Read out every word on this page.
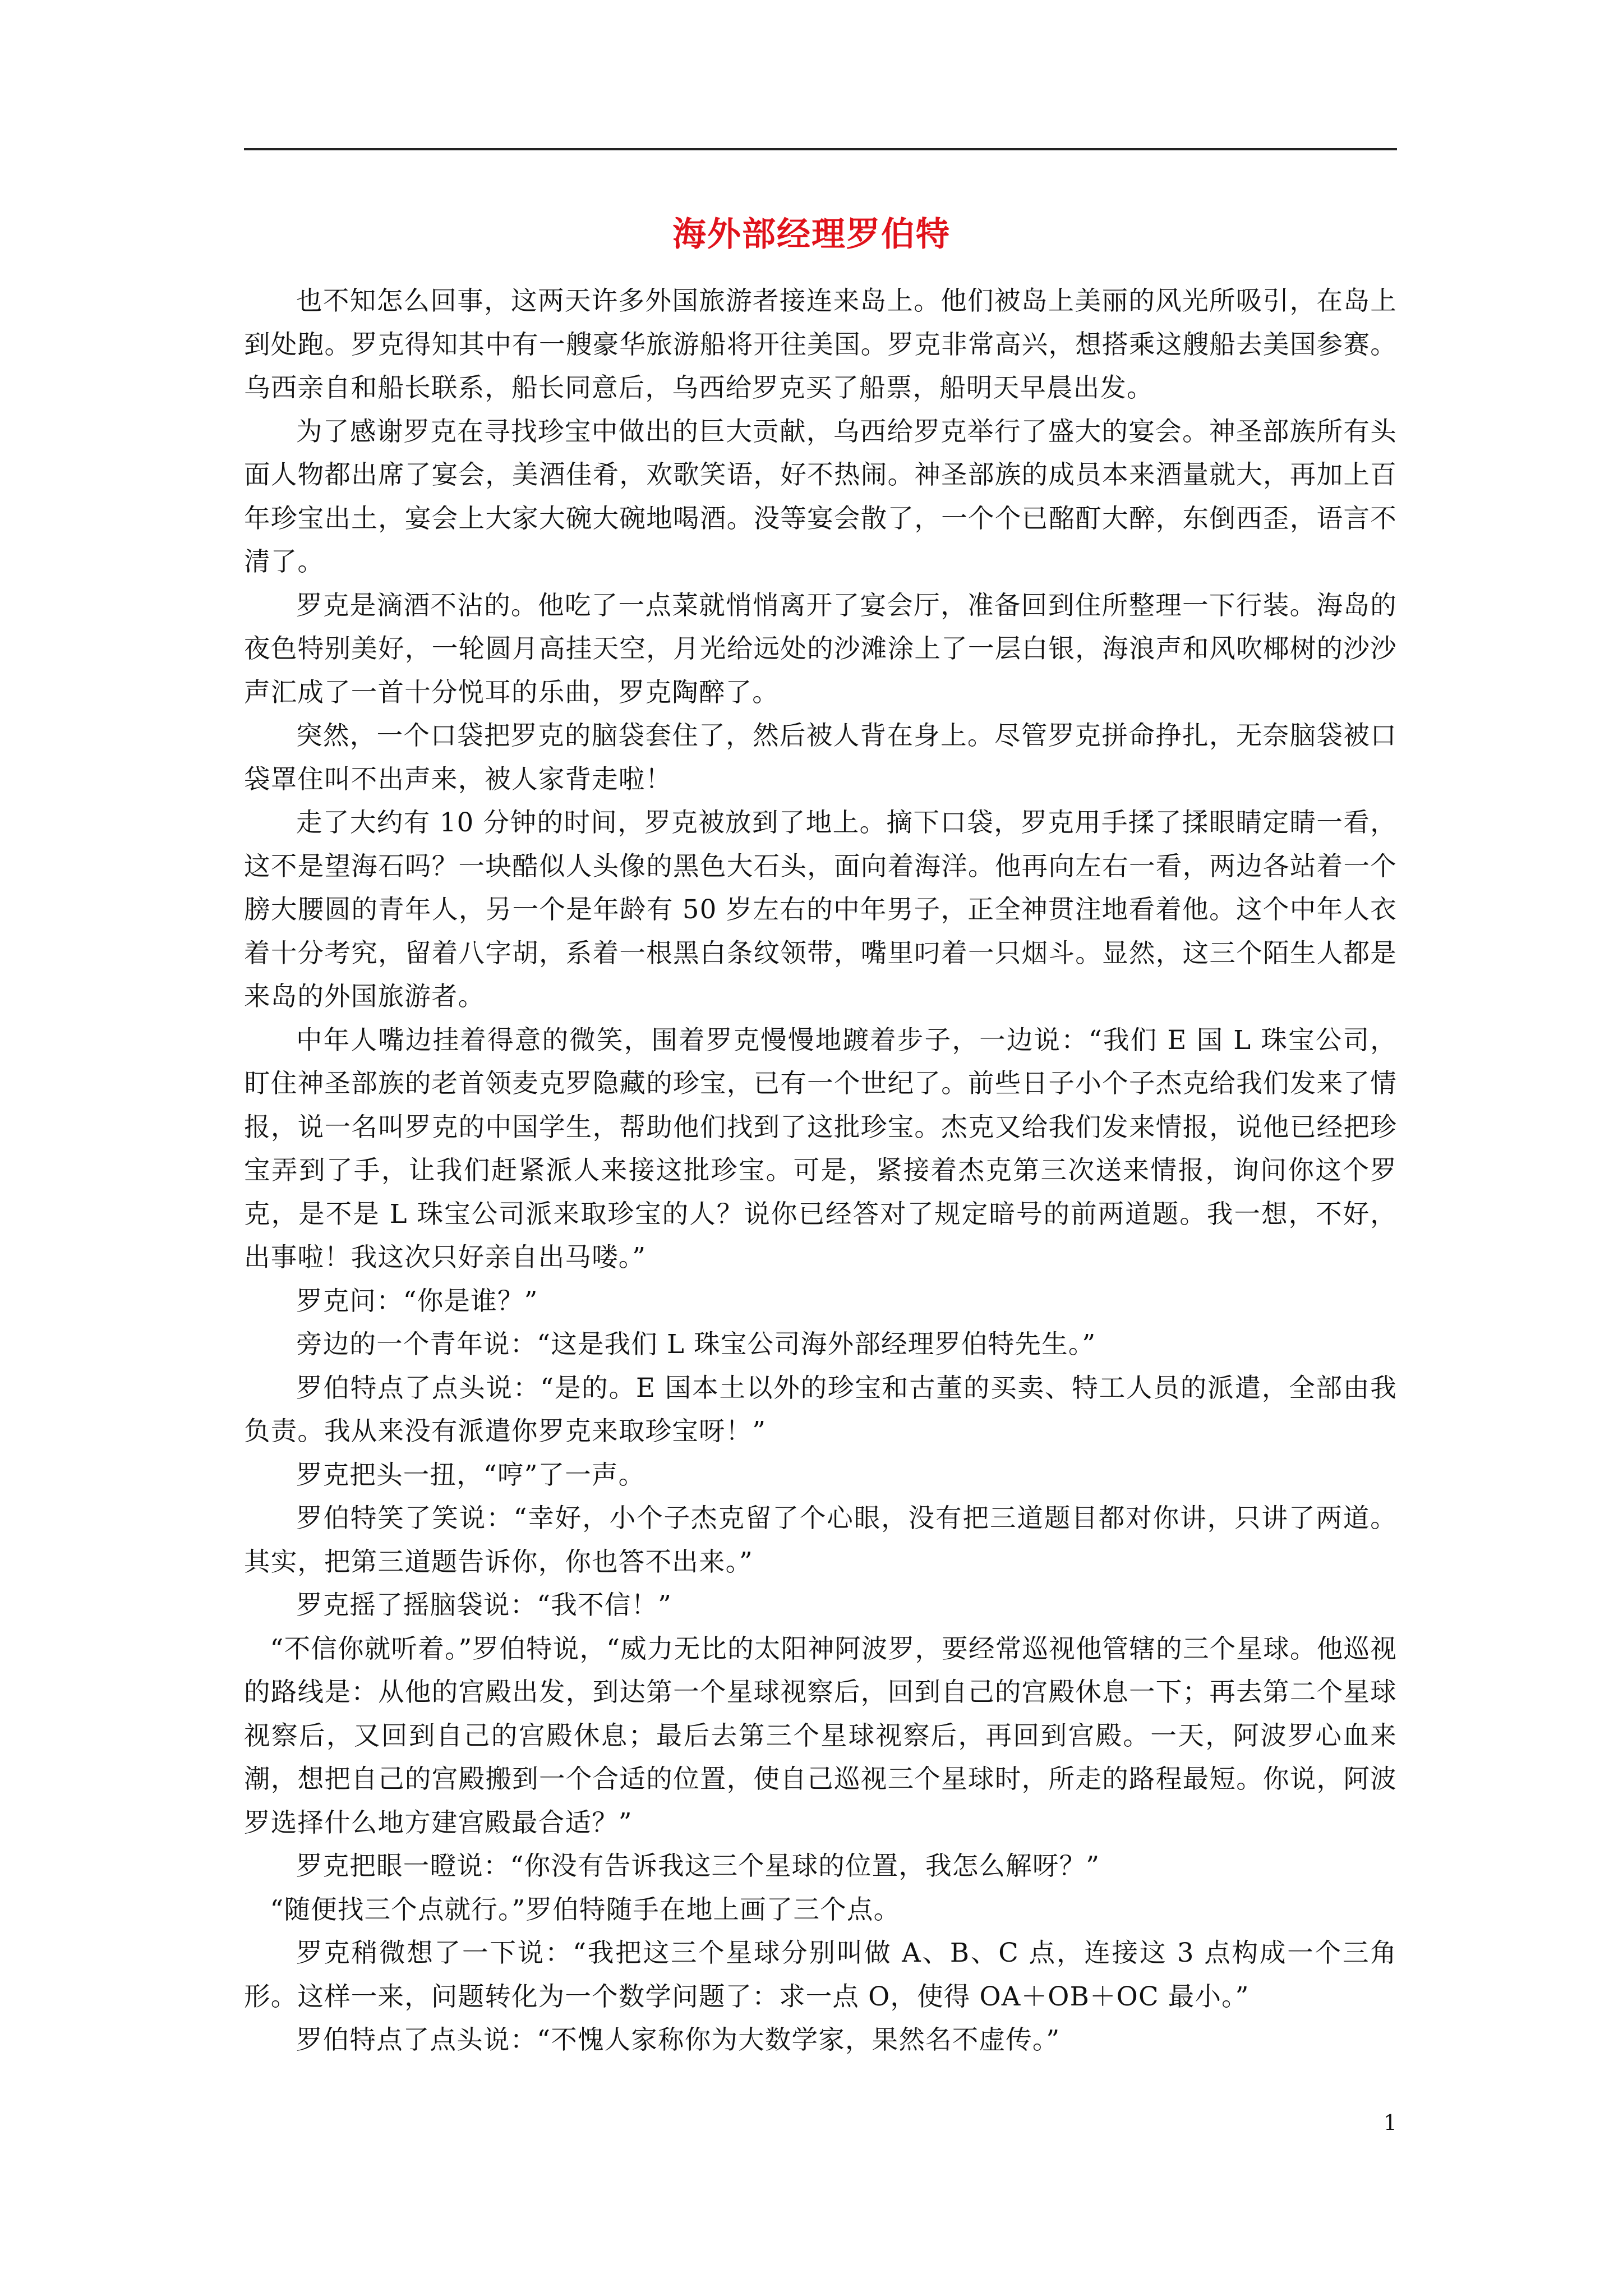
海外部经理罗伯特

也不知怎么回事，这两天许多外国旅游者接连来岛上。他们被岛上美丽的风光所吸引，在岛上到处跑。罗克得知其中有一艘豪华旅游船将开往美国。罗克非常高兴，想搭乘这艘船去美国参赛。乌西亲自和船长联系，船长同意后，乌西给罗克买了船票，船明天早晨出发。

为了感谢罗克在寻找珍宝中做出的巨大贡献，乌西给罗克举行了盛大的宴会。神圣部族所有头面人物都出席了宴会，美酒佳肴，欢歌笑语，好不热闹。神圣部族的成员本来酒量就大，再加上百年珍宝出土，宴会上大家大碗大碗地喝酒。没等宴会散了，一个个已酩酊大醉，东倒西歪，语言不清了。

罗克是滴酒不沾的。他吃了一点菜就悄悄离开了宴会厅，准备回到住所整理一下行装。海岛的夜色特别美好，一轮圆月高挂天空，月光给远处的沙滩涂上了一层白银，海浪声和风吹椰树的沙沙声汇成了一首十分悦耳的乐曲，罗克陶醉了。

突然，一个口袋把罗克的脑袋套住了，然后被人背在身上。尽管罗克拼命挣扎，无奈脑袋被口袋罩住叫不出声来，被人家背走啦！

走了大约有 10 分钟的时间，罗克被放到了地上。摘下口袋，罗克用手揉了揉眼睛定睛一看，这不是望海石吗？一块酷似人头像的黑色大石头，面向着海洋。他再向左右一看，两边各站着一个膀大腰圆的青年人，另一个是年龄有 50 岁左右的中年男子，正全神贯注地看着他。这个中年人衣着十分考究，留着八字胡，系着一根黑白条纹领带，嘴里叼着一只烟斗。显然，这三个陌生人都是来岛的外国旅游者。

中年人嘴边挂着得意的微笑，围着罗克慢慢地踱着步子，一边说：“我们 E 国 L 珠宝公司，盯住神圣部族的老首领麦克罗隐藏的珍宝，已有一个世纪了。前些日子小个子杰克给我们发来了情报，说一名叫罗克的中国学生，帮助他们找到了这批珍宝。杰克又给我们发来情报，说他已经把珍宝弄到了手，让我们赶紧派人来接这批珍宝。可是，紧接着杰克第三次送来情报，询问你这个罗克，是不是 L 珠宝公司派来取珍宝的人？说你已经答对了规定暗号的前两道题。我一想，不好，出事啦！我这次只好亲自出马喽。”

罗克问：“你是谁？”

旁边的一个青年说：“这是我们 L 珠宝公司海外部经理罗伯特先生。”

罗伯特点了点头说：“是的。E 国本土以外的珍宝和古董的买卖、特工人员的派遣，全部由我负责。我从来没有派遣你罗克来取珍宝呀！”

罗克把头一扭，“哼”了一声。

罗伯特笑了笑说：“幸好，小个子杰克留了个心眼，没有把三道题目都对你讲，只讲了两道。其实，把第三道题告诉你，你也答不出来。”

罗克摇了摇脑袋说：“我不信！”

“不信你就听着。”罗伯特说，“威力无比的太阳神阿波罗，要经常巡视他管辖的三个星球。他巡视的路线是：从他的宫殿出发，到达第一个星球视察后，回到自己的宫殿休息一下；再去第二个星球视察后，又回到自己的宫殿休息；最后去第三个星球视察后，再回到宫殿。一天，阿波罗心血来潮，想把自己的宫殿搬到一个合适的位置，使自己巡视三个星球时，所走的路程最短。你说，阿波罗选择什么地方建宫殿最合适？”

罗克把眼一瞪说：“你没有告诉我这三个星球的位置，我怎么解呀？”

“随便找三个点就行。”罗伯特随手在地上画了三个点。

罗克稍微想了一下说：“我把这三个星球分别叫做 A、B、C 点，连接这 3 点构成一个三角形。这样一来，问题转化为一个数学问题了：求一点 O，使得 OA＋OB＋OC 最小。”

罗伯特点了点头说：“不愧人家称你为大数学家，果然名不虚传。”

1
